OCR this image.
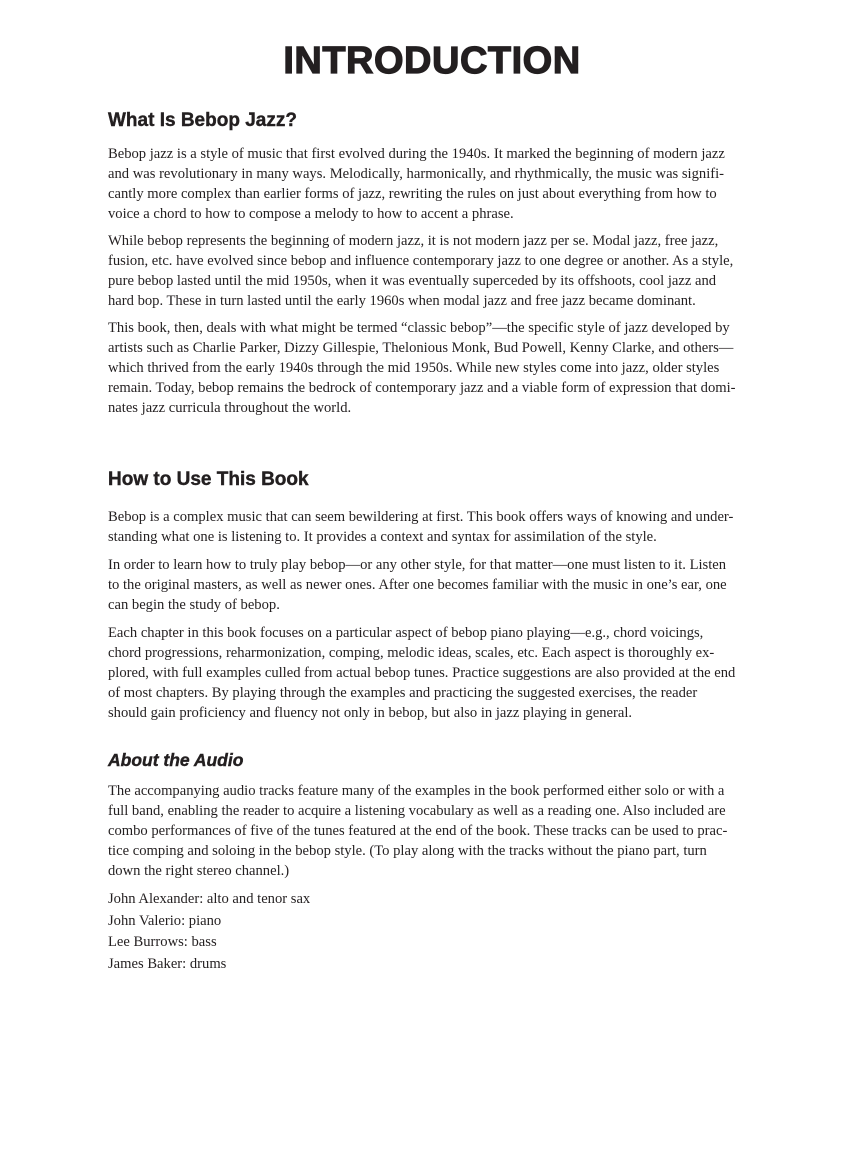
INTRODUCTION
What Is Bebop Jazz?
Bebop jazz is a style of music that first evolved during the 1940s. It marked the beginning of modern jazz
and was revolutionary in many ways. Melodically, harmonically, and rhythmically, the music was signifi-
cantly more complex than earlier forms of jazz, rewriting the rules on just about everything from how to
voice a chord to how to compose a melody to how to accent a phrase.
While bebop represents the beginning of modern jazz, it is not modern jazz per se. Modal jazz, free jazz,
fusion, etc. have evolved since bebop and influence contemporary jazz to one degree or another. As a style,
pure bebop lasted until the mid 1950s, when it was eventually superceded by its offshoots, cool jazz and
hard bop. These in turn lasted until the early 1960s when modal jazz and free jazz became dominant.
This book, then, deals with what might be termed “classic bebop”—the specific style of jazz developed by
artists such as Charlie Parker, Dizzy Gillespie, Thelonious Monk, Bud Powell, Kenny Clarke, and others—
which thrived from the early 1940s through the mid 1950s. While new styles come into jazz, older styles
remain. Today, bebop remains the bedrock of contemporary jazz and a viable form of expression that domi-
nates jazz curricula throughout the world.
How to Use This Book
Bebop is a complex music that can seem bewildering at first. This book offers ways of knowing and under-
standing what one is listening to. It provides a context and syntax for assimilation of the style.
In order to learn how to truly play bebop—or any other style, for that matter—one must listen to it. Listen
to the original masters, as well as newer ones. After one becomes familiar with the music in one’s ear, one
can begin the study of bebop.
Each chapter in this book focuses on a particular aspect of bebop piano playing—e.g., chord voicings,
chord progressions, reharmonization, comping, melodic ideas, scales, etc. Each aspect is thoroughly ex-
plored, with full examples culled from actual bebop tunes. Practice suggestions are also provided at the end
of most chapters. By playing through the examples and practicing the suggested exercises, the reader
should gain proficiency and fluency not only in bebop, but also in jazz playing in general.
About the Audio
The accompanying audio tracks feature many of the examples in the book performed either solo or with a
full band, enabling the reader to acquire a listening vocabulary as well as a reading one. Also included are
combo performances of five of the tunes featured at the end of the book. These tracks can be used to prac-
tice comping and soloing in the bebop style. (To play along with the tracks without the piano part, turn
down the right stereo channel.)
John Alexander: alto and tenor sax
John Valerio: piano
Lee Burrows: bass
James Baker: drums
